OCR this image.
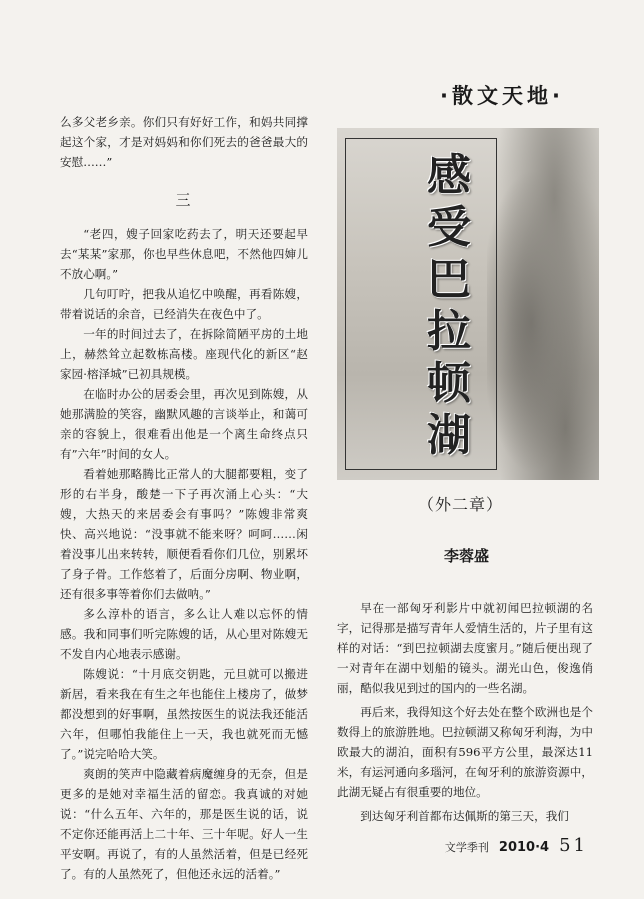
·散文天地·

么多父老乡亲。你们只有好好工作，和妈共同撑起这个家，才是对妈妈和你们死去的爸爸最大的安慰……”

三

“老四，嫂子回家吃药去了，明天还要起早去“某某”家那，你也早些休息吧，不然他四婶儿不放心啊。”

几句叮咛，把我从追忆中唤醒，再看陈嫂，带着说话的余音，已经消失在夜色中了。

一年的时间过去了，在拆除简陋平房的土地上，赫然耸立起数栋高楼。座现代化的新区“赵家园·榕泽城”已初具规模。

在临时办公的居委会里，再次见到陈嫂，从她那满脸的笑容，幽默风趣的言谈举止，和蔼可亲的容貌上，很难看出他是一个离生命终点只有”六年”时间的女人。

看着她那略腾比正常人的大腿都要粗，变了形的右半身，酸楚一下子再次涌上心头：“大嫂，大热天的来居委会有事吗？”陈嫂非常爽快、高兴地说：“没事就不能来呀？呵呵……闲着没事儿出来转转，顺便看看你们几位，别累坏了身子骨。工作悠着了，后面分房啊、物业啊，还有很多事等着你们去做呐。”

多么淳朴的语言，多么让人难以忘怀的情感。我和同事们听完陈嫂的话，从心里对陈嫂无不发自内心地表示感谢。

陈嫂说：“十月底交钥匙，元旦就可以搬进新居，看来我在有生之年也能住上楼房了，做梦都没想到的好事啊，虽然按医生的说法我还能活六年，但哪怕我能住上一天，我也就死而无憾了。”说完哈哈大笑。

爽朗的笑声中隐藏着病魔缠身的无奈，但是更多的是她对幸福生活的留恋。我真诚的对她说：“什么五年、六年的，那是医生说的话，说不定你还能再活上二十年、三十年呢。好人一生平安啊。再说了，有的人虽然活着，但是已经死了。有的人虽然死了，但他还永远的活着。”

感
受
巴
拉
顿
湖
（外二章）
李蓉盛

早在一部匈牙利影片中就初闻巴拉顿湖的名字，记得那是描写青年人爱情生活的，片子里有这样的对话：“到巴拉顿湖去度蜜月。”随后便出现了一对青年在湖中划船的镜头。湖光山色，俊逸俏丽，酷似我见到过的国内的一些名湖。

再后来，我得知这个好去处在整个欧洲也是个数得上的旅游胜地。巴拉顿湖又称匈牙利海，为中欧最大的湖泊，面积有596平方公里，最深达11米，有运河通向多瑙河，在匈牙利的旅游资源中，此湖无疑占有很重要的地位。

到达匈牙利首都布达佩斯的第三天，我们

文学季刊 2010·4 51
